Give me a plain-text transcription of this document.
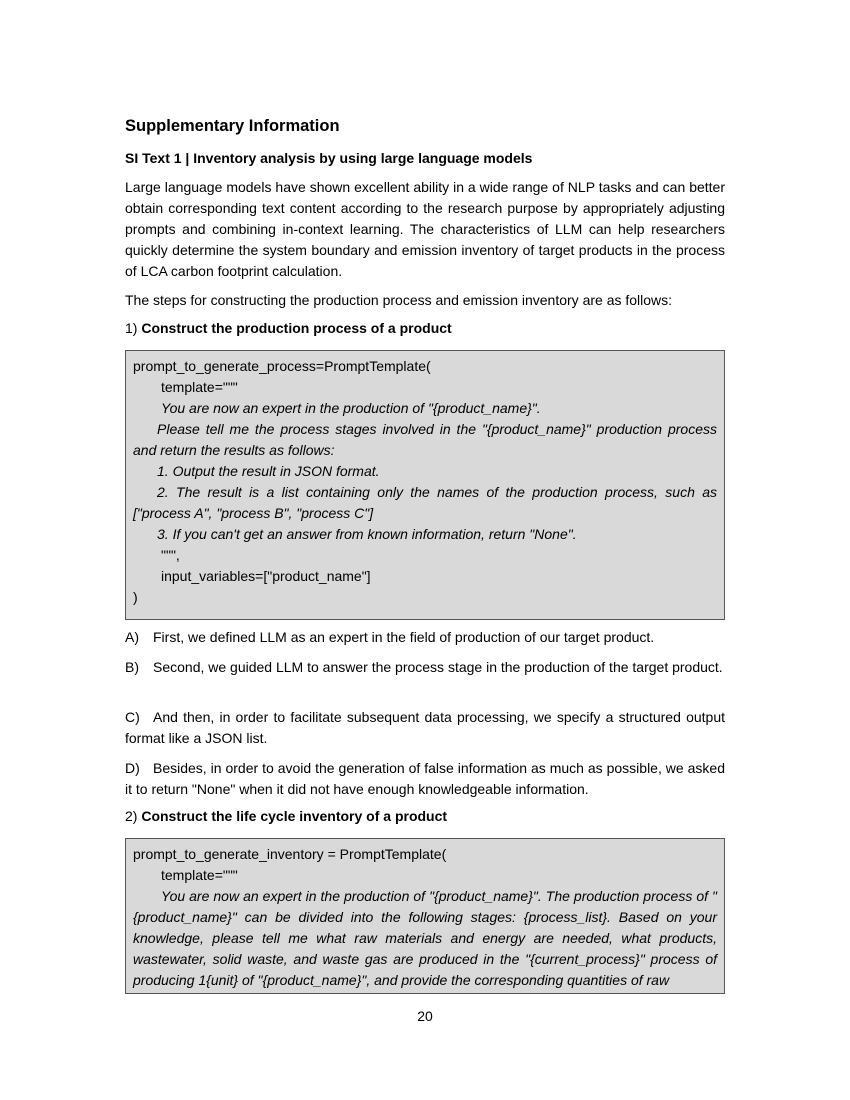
Supplementary Information
SI Text 1 | Inventory analysis by using large language models
Large language models have shown excellent ability in a wide range of NLP tasks and can better obtain corresponding text content according to the research purpose by appropriately adjusting prompts and combining in-context learning. The characteristics of LLM can help researchers quickly determine the system boundary and emission inventory of target products in the process of LCA carbon footprint calculation.
The steps for constructing the production process and emission inventory are as follows:
1) Construct the production process of a product
prompt_to_generate_process=PromptTemplate(
template="""
You are now an expert in the production of "{product_name}".
Please tell me the process stages involved in the "{product_name}" production process and return the results as follows:
1. Output the result in JSON format.
2. The result is a list containing only the names of the production process, such as ["process A", "process B", "process C"]
3. If you can't get an answer from known information, return "None".
""",
input_variables=["product_name"]
)
A) First, we defined LLM as an expert in the field of production of our target product.
B) Second, we guided LLM to answer the process stage in the production of the target product.
C) And then, in order to facilitate subsequent data processing, we specify a structured output format like a JSON list.
D) Besides, in order to avoid the generation of false information as much as possible, we asked it to return "None" when it did not have enough knowledgeable information.
2) Construct the life cycle inventory of a product
prompt_to_generate_inventory = PromptTemplate(
template="""
You are now an expert in the production of "{product_name}". The production process of "{product_name}" can be divided into the following stages: {process_list}. Based on your knowledge, please tell me what raw materials and energy are needed, what products, wastewater, solid waste, and waste gas are produced in the "{current_process}" process of producing 1{unit} of "{product_name}", and provide the corresponding quantities of raw
20
